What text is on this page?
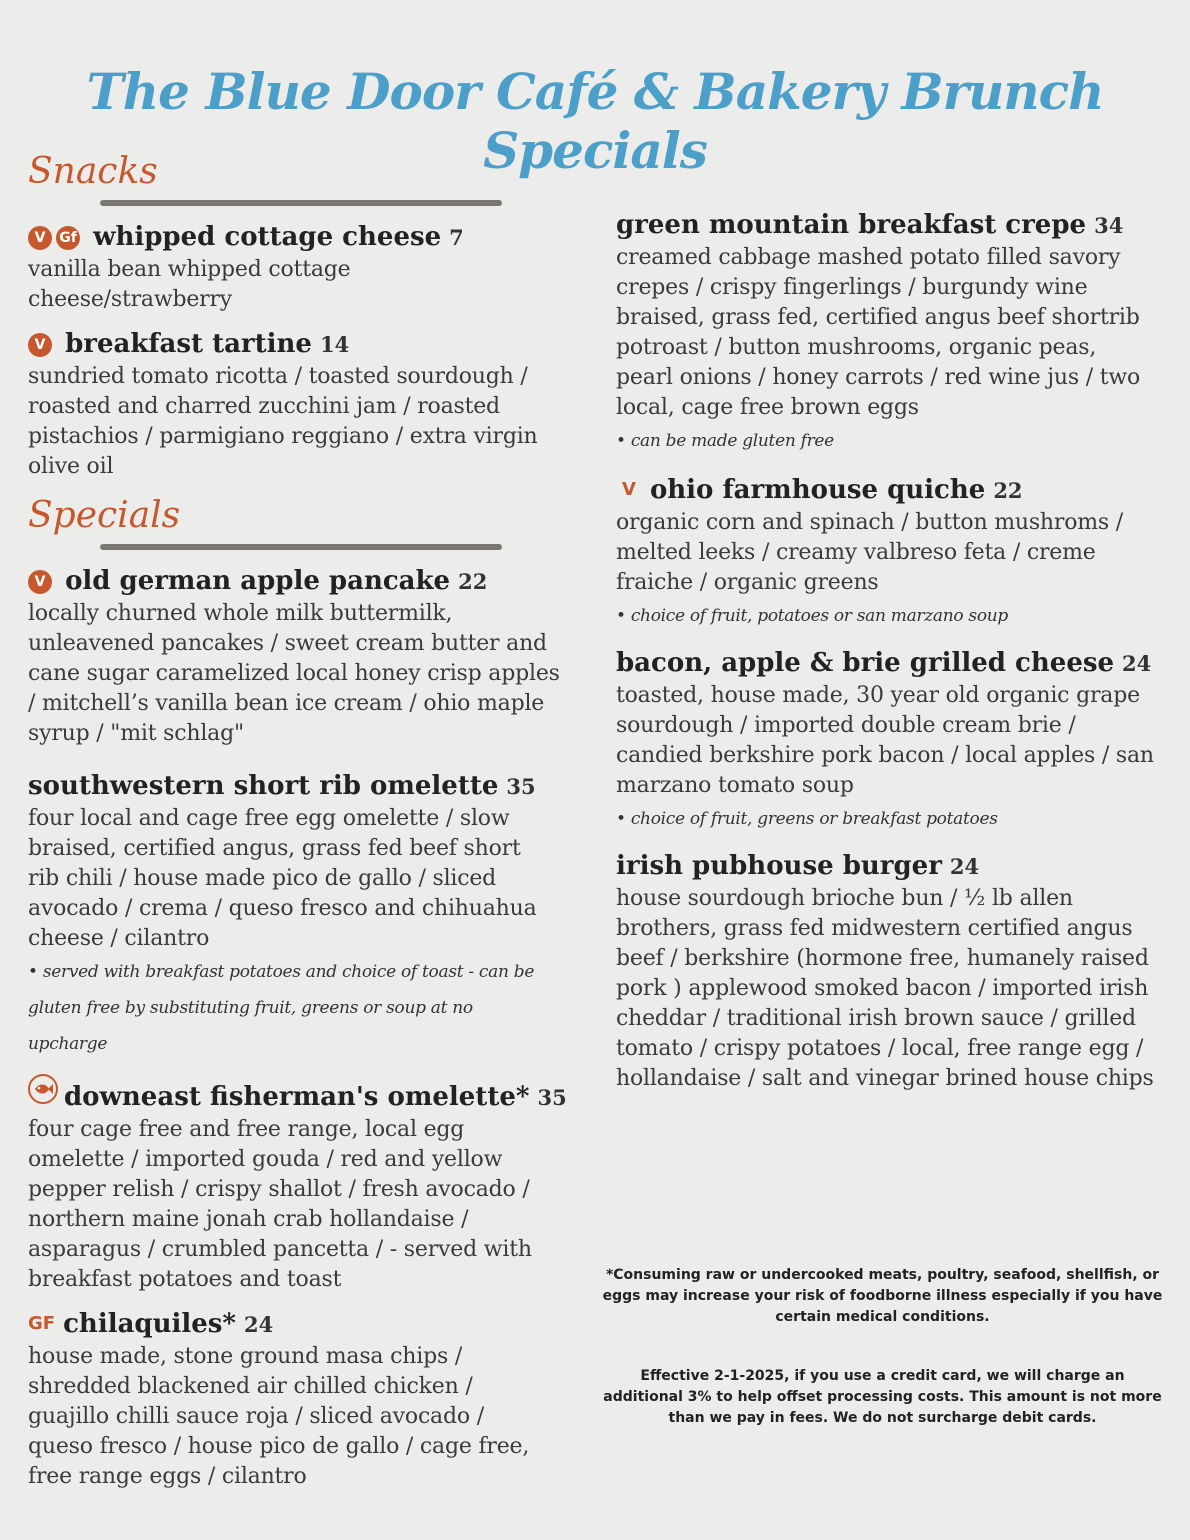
The Blue Door Café & Bakery Brunch Specials
Snacks
V Gf whipped cottage cheese 7
vanilla bean whipped cottage cheese/strawberry
V breakfast tartine 14
sundried tomato ricotta / toasted sourdough / roasted and charred zucchini jam / roasted pistachios / parmigiano reggiano / extra virgin olive oil
Specials
V old german apple pancake 22
locally churned whole milk buttermilk, unleavened pancakes / sweet cream butter and cane sugar caramelized local honey crisp apples / mitchell’s vanilla bean ice cream / ohio maple syrup / "mit schlag"
southwestern short rib omelette 35
four local and cage free egg omelette / slow braised, certified angus, grass fed beef short rib chili / house made pico de gallo / sliced avocado / crema / queso fresco and chihuahua cheese / cilantro
• served with breakfast potatoes and choice of toast - can be gluten free by substituting fruit, greens or soup at no upcharge
downeast fisherman's omelette* 35
four cage free and free range, local egg omelette / imported gouda / red and yellow pepper relish / crispy shallot / fresh avocado / northern maine jonah crab hollandaise / asparagus / crumbled pancetta / - served with breakfast potatoes and toast
GF chilaquiles* 24
house made, stone ground masa chips / shredded blackened air chilled chicken / guajillo chilli sauce roja / sliced avocado / queso fresco / house pico de gallo / cage free, free range eggs / cilantro
green mountain breakfast crepe 34
creamed cabbage mashed potato filled savory crepes / crispy fingerlings / burgundy wine braised, grass fed, certified angus beef shortrib potroast / button mushrooms, organic peas, pearl onions / honey carrots / red wine jus / two local, cage free brown eggs
• can be made gluten free
V ohio farmhouse quiche 22
organic corn and spinach / button mushroms / melted leeks / creamy valbreso feta / creme fraiche / organic greens
• choice of fruit, potatoes or san marzano soup
bacon, apple & brie grilled cheese 24
toasted, house made, 30 year old organic grape sourdough / imported double cream brie / candied berkshire pork bacon / local apples / san marzano tomato soup
• choice of fruit, greens or breakfast potatoes
irish pubhouse burger 24
house sourdough brioche bun / ½ lb allen brothers, grass fed midwestern certified angus beef / berkshire (hormone free, humanely raised pork ) applewood smoked bacon / imported irish cheddar / traditional irish brown sauce / grilled tomato / crispy potatoes / local, free range egg / hollandaise / salt and vinegar brined house chips
*Consuming raw or undercooked meats, poultry, seafood, shellfish, or eggs may increase your risk of foodborne illness especially if you have certain medical conditions.
Effective 2-1-2025, if you use a credit card, we will charge an additional 3% to help offset processing costs. This amount is not more than we pay in fees. We do not surcharge debit cards.
